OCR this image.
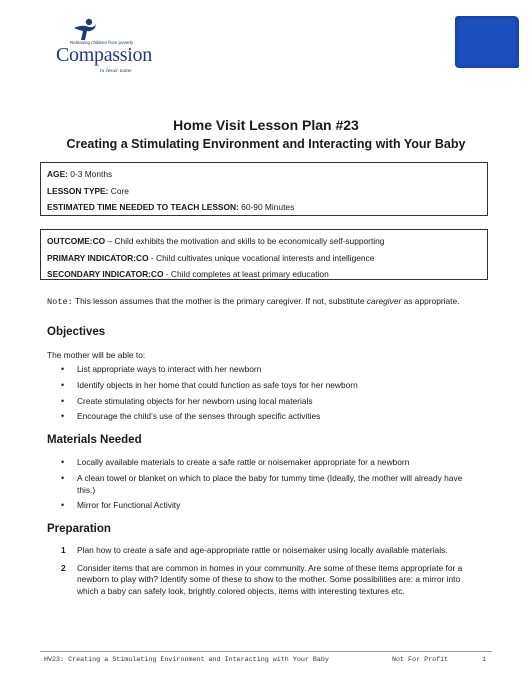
Releasing children from poverty
Compassion
in Jesus' name
Home Visit Lesson Plan #23
Creating a Stimulating Environment and Interacting with Your Baby
AGE: 0-3 Months
LESSON TYPE: Core
ESTIMATED TIME NEEDED TO TEACH LESSON: 60-90 Minutes
OUTCOME:CO – Child exhibits the motivation and skills to be economically self-supporting
PRIMARY INDICATOR:CO - Child cultivates unique vocational interests and intelligence
SECONDARY INDICATOR:CO - Child completes at least primary education
Note: This lesson assumes that the mother is the primary caregiver. If not, substitute caregiver as appropriate.
Objectives
The mother will be able to:
• List appropriate ways to interact with her newborn
• Identify objects in her home that could function as safe toys for her newborn
• Create stimulating objects for her newborn using local materials
• Encourage the child’s use of the senses through specific activities
Materials Needed
• Locally available materials to create a safe rattle or noisemaker appropriate for a newborn
• A clean towel or blanket on which to place the baby for tummy time (Ideally, the mother will already have this.)
• Mirror for Functional Activity
Preparation
1 Plan how to create a safe and age-appropriate rattle or noisemaker using locally available materials.
2 Consider items that are common in homes in your community. Are some of these items appropriate for a newborn to play with? Identify some of these to show to the mother. Some possibilities are: a mirror into which a baby can safely look, brightly colored objects, items with interesting textures etc.
HV23: Creating a Stimulating Environment and Interacting with Your Baby	Not For Profit	1
